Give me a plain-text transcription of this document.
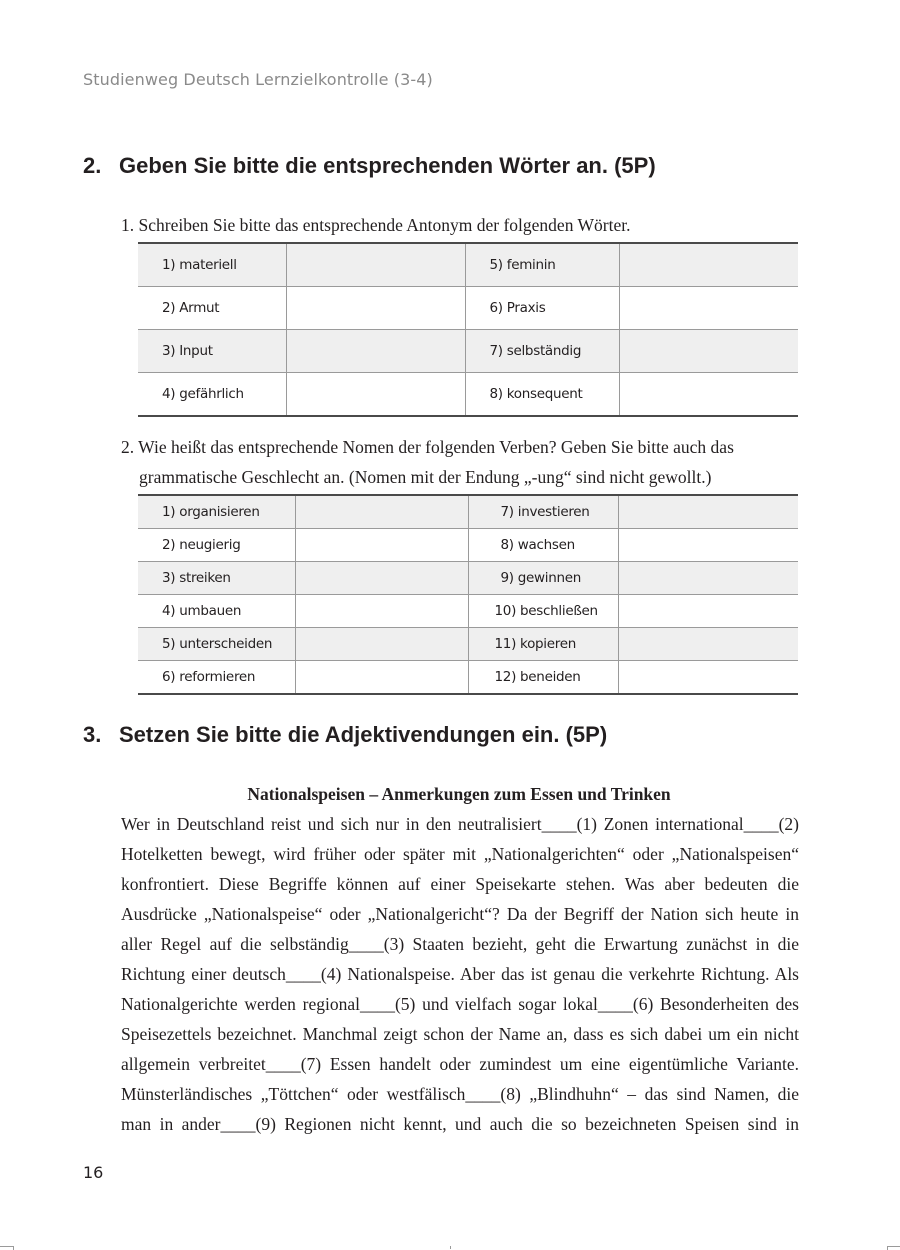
Studienweg Deutsch Lernzielkontrolle (3-4)
2. Geben Sie bitte die entsprechenden Wörter an. (5P)
1. Schreiben Sie bitte das entsprechende Antonym der folgenden Wörter.
1) materiell		5) feminin	
2) Armut		6) Praxis	
3) Input		7) selbständig	
4) gefährlich		8) konsequent	
2. Wie heißt das entsprechende Nomen der folgenden Verben? Geben Sie bitte auch das
grammatische Geschlecht an. (Nomen mit der Endung „-ung“ sind nicht gewollt.)
1) organisieren		7) investieren	
2) neugierig		8) wachsen	
3) streiken		9) gewinnen	
4) umbauen		10) beschließen	
5) unterscheiden		11) kopieren	
6) reformieren		12) beneiden	
3. Setzen Sie bitte die Adjektivendungen ein. (5P)
Nationalspeisen – Anmerkungen zum Essen und Trinken
Wer in Deutschland reist und sich nur in den neutralisiert____(1) Zonen international____(2)
Hotelketten bewegt, wird früher oder später mit „Nationalgerichten“ oder „Nationalspeisen“
konfrontiert. Diese Begriffe können auf einer Speisekarte stehen. Was aber bedeuten die
Ausdrücke „Nationalspeise“ oder „Nationalgericht“? Da der Begriff der Nation sich heute in
aller Regel auf die selbständig____(3) Staaten bezieht, geht die Erwartung zunächst in die
Richtung einer deutsch____(4) Nationalspeise. Aber das ist genau die verkehrte Richtung. Als
Nationalgerichte werden regional____(5) und vielfach sogar lokal____(6) Besonderheiten des
Speisezettels bezeichnet. Manchmal zeigt schon der Name an, dass es sich dabei um ein nicht
allgemein verbreitet____(7) Essen handelt oder zumindest um eine eigentümliche Variante.
Münsterländisches „Töttchen“ oder westfälisch____(8) „Blindhuhn“ – das sind Namen, die
man in ander____(9) Regionen nicht kennt, und auch die so bezeichneten Speisen sind in
16
